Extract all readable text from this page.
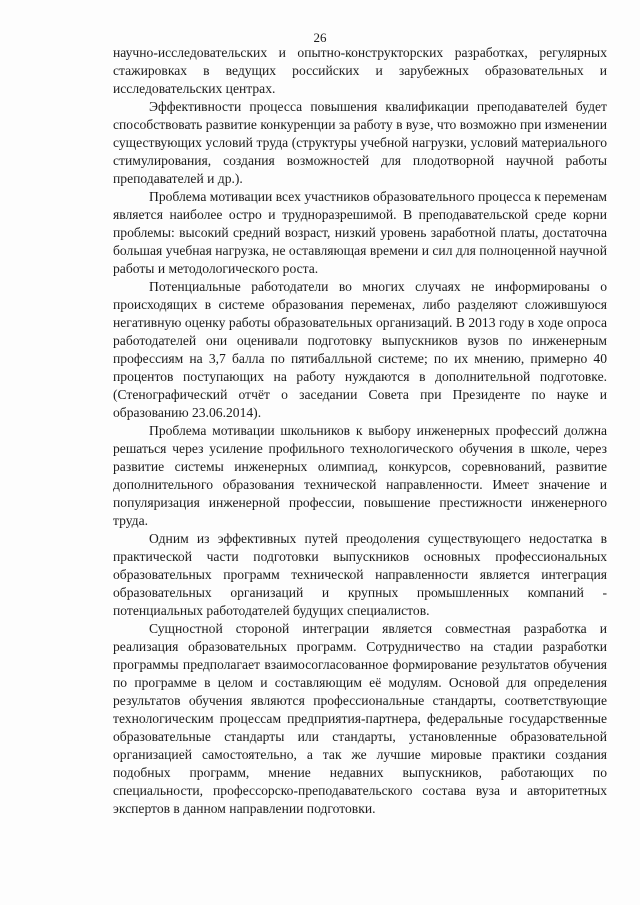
26

научно-исследовательских и опытно-конструкторских разработках, регулярных стажировках в ведущих российских и зарубежных образовательных и исследовательских центрах.

Эффективности процесса повышения квалификации преподавателей будет способствовать развитие конкуренции за работу в вузе, что возможно при изменении существующих условий труда (структуры учебной нагрузки, условий материального стимулирования, создания возможностей для плодотворной научной работы преподавателей и др.).

Проблема мотивации всех участников образовательного процесса к переменам является наиболее остро и трудноразрешимой. В преподавательской среде корни проблемы: высокий средний возраст, низкий уровень заработной платы, достаточна большая учебная нагрузка, не оставляющая времени и сил для полноценной научной работы и методологического роста.

Потенциальные работодатели во многих случаях не информированы о происходящих в системе образования переменах, либо разделяют сложившуюся негативную оценку работы образовательных организаций. В 2013 году в ходе опроса работодателей они оценивали подготовку выпускников вузов по инженерным профессиям на 3,7 балла по пятибалльной системе; по их мнению, примерно 40 процентов поступающих на работу нуждаются в дополнительной подготовке. (Стенографический отчёт о заседании Совета при Президенте по науке и образованию 23.06.2014).

Проблема мотивации школьников к выбору инженерных профессий должна решаться через усиление профильного технологического обучения в школе, через развитие системы инженерных олимпиад, конкурсов, соревнований, развитие дополнительного образования технической направленности. Имеет значение и популяризация инженерной профессии, повышение престижности инженерного труда.

Одним из эффективных путей преодоления существующего недостатка в практической части подготовки выпускников основных профессиональных образовательных программ технической направленности является интеграция образовательных организаций и крупных промышленных компаний - потенциальных работодателей будущих специалистов.

Сущностной стороной интеграции является совместная разработка и реализация образовательных программ. Сотрудничество на стадии разработки программы предполагает взаимосогласованное формирование результатов обучения по программе в целом и составляющим её модулям. Основой для определения результатов обучения являются профессиональные стандарты, соответствующие технологическим процессам предприятия-партнера, федеральные государственные образовательные стандарты или стандарты, установленные образовательной организацией самостоятельно, а так же лучшие мировые практики создания подобных программ, мнение недавних выпускников, работающих по специальности, профессорско-преподавательского состава вуза и авторитетных экспертов в данном направлении подготовки.
